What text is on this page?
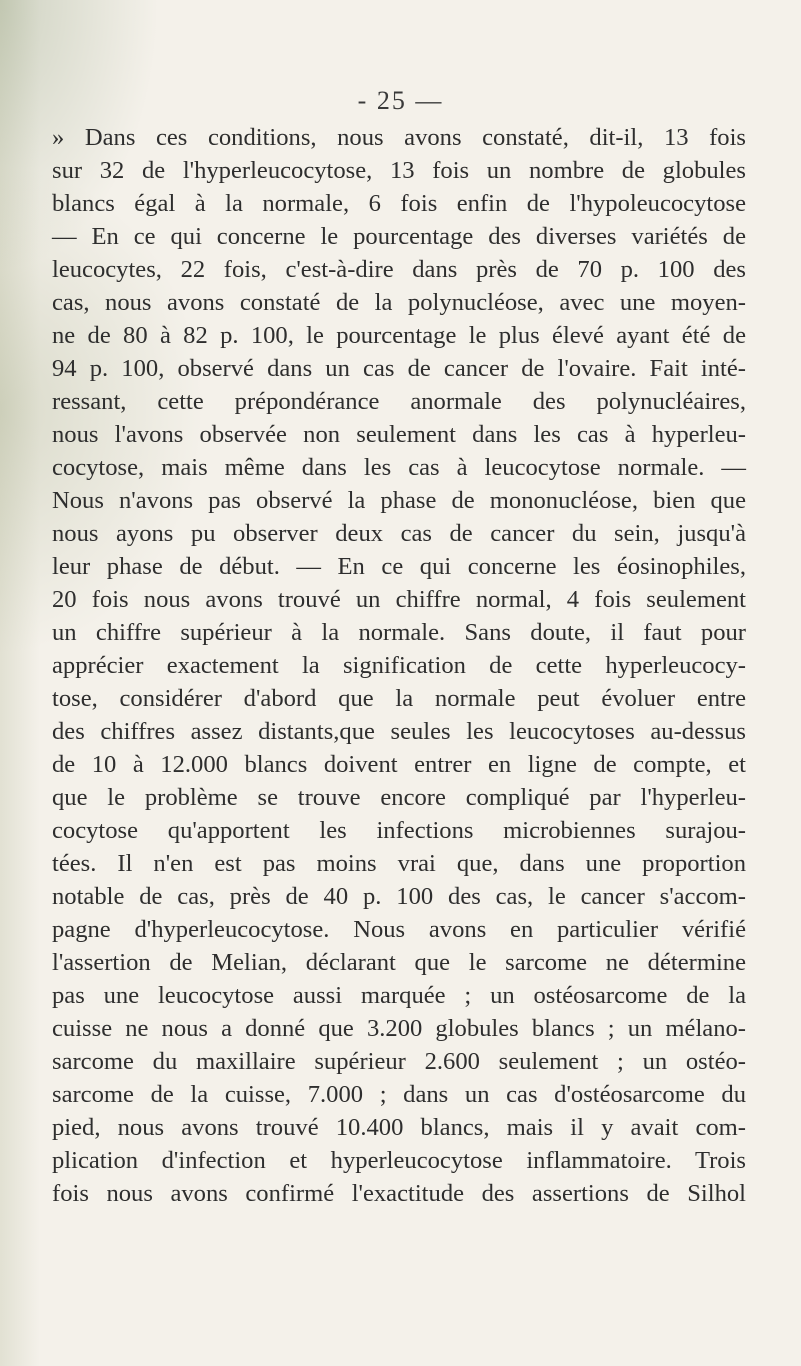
- 25 —
» Dans ces conditions, nous avons constaté, dit-il, 13 fois
sur 32 de l'hyperleucocytose, 13 fois un nombre de globules
blancs égal à la normale, 6 fois enfin de l'hypoleucocytose
— En ce qui concerne le pourcentage des diverses variétés de
leucocytes, 22 fois, c'est-à-dire dans près de 70 p. 100 des
cas, nous avons constaté de la polynucléose, avec une moyen-
ne de 80 à 82 p. 100, le pourcentage le plus élevé ayant été de
94 p. 100, observé dans un cas de cancer de l'ovaire. Fait inté-
ressant, cette prépondérance anormale des polynucléaires,
nous l'avons observée non seulement dans les cas à hyperleu-
cocytose, mais même dans les cas à leucocytose normale. —
Nous n'avons pas observé la phase de mononucléose, bien que
nous ayons pu observer deux cas de cancer du sein, jusqu'à
leur phase de début. — En ce qui concerne les éosinophiles,
20 fois nous avons trouvé un chiffre normal, 4 fois seulement
un chiffre supérieur à la normale. Sans doute, il faut pour
apprécier exactement la signification de cette hyperleucocy-
tose, considérer d'abord que la normale peut évoluer entre
des chiffres assez distants,que seules les leucocytoses au-dessus
de 10 à 12.000 blancs doivent entrer en ligne de compte, et
que le problème se trouve encore compliqué par l'hyperleu-
cocytose qu'apportent les infections microbiennes surajou-
tées. Il n'en est pas moins vrai que, dans une proportion
notable de cas, près de 40 p. 100 des cas, le cancer s'accom-
pagne d'hyperleucocytose. Nous avons en particulier vérifié
l'assertion de Melian, déclarant que le sarcome ne détermine
pas une leucocytose aussi marquée ; un ostéosarcome de la
cuisse ne nous a donné que 3.200 globules blancs ; un mélano-
sarcome du maxillaire supérieur 2.600 seulement ; un ostéo-
sarcome de la cuisse, 7.000 ; dans un cas d'ostéosarcome du
pied, nous avons trouvé 10.400 blancs, mais il y avait com-
plication d'infection et hyperleucocytose inflammatoire. Trois
fois nous avons confirmé l'exactitude des assertions de Silhol
